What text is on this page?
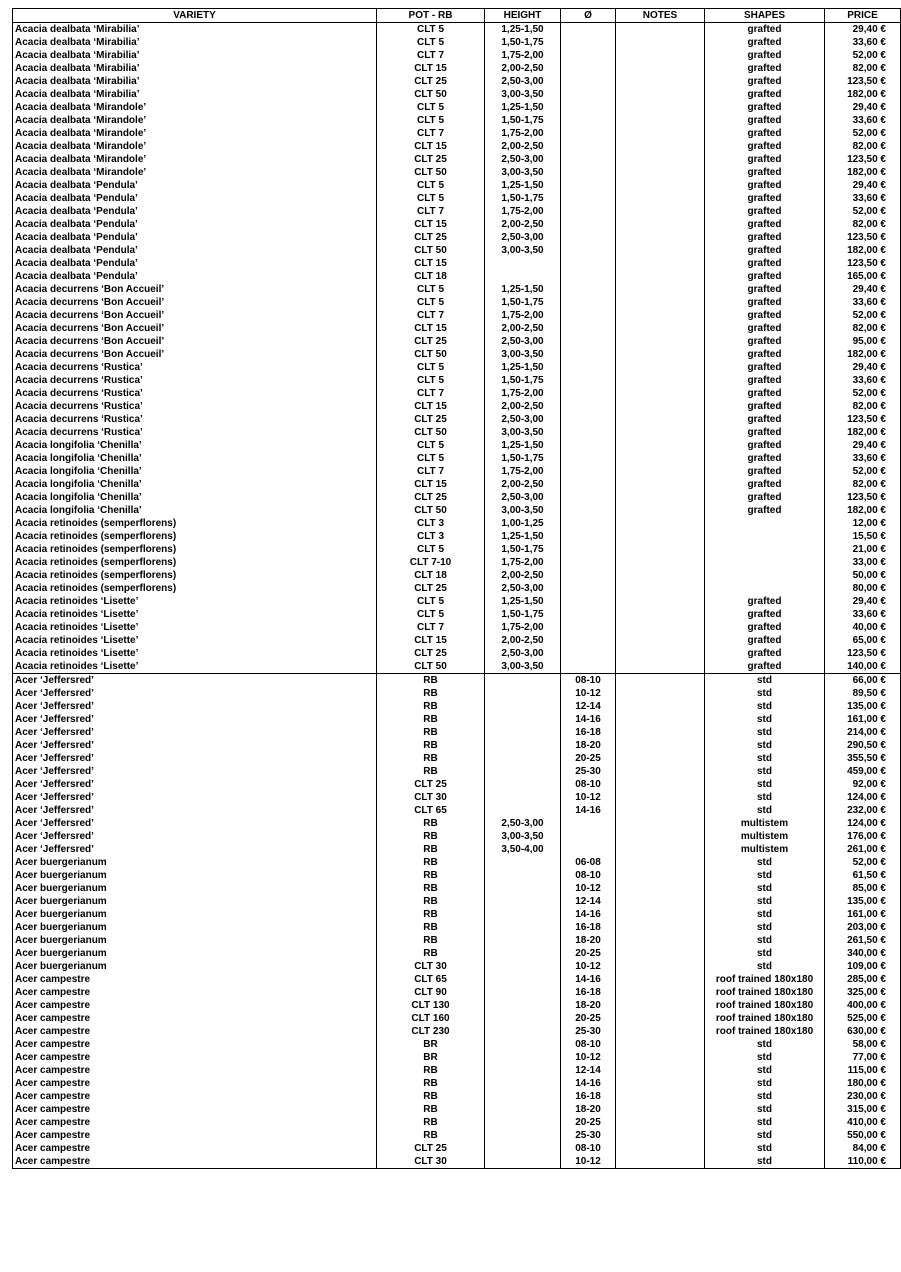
VARIETY	POT - RB	HEIGHT	Ø	NOTES	SHAPES	PRICE
Acacia dealbata ‘Mirabilia’	CLT 5	1,25-1,50			grafted	29,40 €
Acacia dealbata ‘Mirabilia’	CLT 5	1,50-1,75			grafted	33,60 €
Acacia dealbata ‘Mirabilia’	CLT 7	1,75-2,00			grafted	52,00 €
Acacia dealbata ‘Mirabilia’	CLT 15	2,00-2,50			grafted	82,00 €
Acacia dealbata ‘Mirabilia’	CLT 25	2,50-3,00			grafted	123,50 €
Acacia dealbata ‘Mirabilia’	CLT 50	3,00-3,50			grafted	182,00 €
Acacia dealbata ‘Mirandole’	CLT 5	1,25-1,50			grafted	29,40 €
Acacia dealbata ‘Mirandole’	CLT 5	1,50-1,75			grafted	33,60 €
Acacia dealbata ‘Mirandole’	CLT 7	1,75-2,00			grafted	52,00 €
Acacia dealbata ‘Mirandole’	CLT 15	2,00-2,50			grafted	82,00 €
Acacia dealbata ‘Mirandole’	CLT 25	2,50-3,00			grafted	123,50 €
Acacia dealbata ‘Mirandole’	CLT 50	3,00-3,50			grafted	182,00 €
Acacia dealbata ‘Pendula’	CLT 5	1,25-1,50			grafted	29,40 €
Acacia dealbata ‘Pendula’	CLT 5	1,50-1,75			grafted	33,60 €
Acacia dealbata ‘Pendula’	CLT 7	1,75-2,00			grafted	52,00 €
Acacia dealbata ‘Pendula’	CLT 15	2,00-2,50			grafted	82,00 €
Acacia dealbata ‘Pendula’	CLT 25	2,50-3,00			grafted	123,50 €
Acacia dealbata ‘Pendula’	CLT 50	3,00-3,50			grafted	182,00 €
Acacia dealbata ‘Pendula’	CLT 15				grafted	123,50 €
Acacia dealbata ‘Pendula’	CLT 18				grafted	165,00 €
Acacia decurrens ‘Bon Accueil’	CLT 5	1,25-1,50			grafted	29,40 €
Acacia decurrens ‘Bon Accueil’	CLT 5	1,50-1,75			grafted	33,60 €
Acacia decurrens ‘Bon Accueil’	CLT 7	1,75-2,00			grafted	52,00 €
Acacia decurrens ‘Bon Accueil’	CLT 15	2,00-2,50			grafted	82,00 €
Acacia decurrens ‘Bon Accueil’	CLT 25	2,50-3,00			grafted	95,00 €
Acacia decurrens ‘Bon Accueil’	CLT 50	3,00-3,50			grafted	182,00 €
Acacia decurrens ‘Rustica’	CLT 5	1,25-1,50			grafted	29,40 €
Acacia decurrens ‘Rustica’	CLT 5	1,50-1,75			grafted	33,60 €
Acacia decurrens ‘Rustica’	CLT 7	1,75-2,00			grafted	52,00 €
Acacia decurrens ‘Rustica’	CLT 15	2,00-2,50			grafted	82,00 €
Acacia decurrens ‘Rustica’	CLT 25	2,50-3,00			grafted	123,50 €
Acacia decurrens ‘Rustica’	CLT 50	3,00-3,50			grafted	182,00 €
Acacia longifolia ‘Chenilla’	CLT 5	1,25-1,50			grafted	29,40 €
Acacia longifolia ‘Chenilla’	CLT 5	1,50-1,75			grafted	33,60 €
Acacia longifolia ‘Chenilla’	CLT 7	1,75-2,00			grafted	52,00 €
Acacia longifolia ‘Chenilla’	CLT 15	2,00-2,50			grafted	82,00 €
Acacia longifolia ‘Chenilla’	CLT 25	2,50-3,00			grafted	123,50 €
Acacia longifolia ‘Chenilla’	CLT 50	3,00-3,50			grafted	182,00 €
Acacia retinoides (semperflorens)	CLT 3	1,00-1,25				12,00 €
Acacia retinoides (semperflorens)	CLT 3	1,25-1,50				15,50 €
Acacia retinoides (semperflorens)	CLT 5	1,50-1,75				21,00 €
Acacia retinoides (semperflorens)	CLT 7-10	1,75-2,00				33,00 €
Acacia retinoides (semperflorens)	CLT 18	2,00-2,50				50,00 €
Acacia retinoides (semperflorens)	CLT 25	2,50-3,00				80,00 €
Acacia retinoides ‘Lisette’	CLT 5	1,25-1,50			grafted	29,40 €
Acacia retinoides ‘Lisette’	CLT 5	1,50-1,75			grafted	33,60 €
Acacia retinoides ‘Lisette’	CLT 7	1,75-2,00			grafted	40,00 €
Acacia retinoides ‘Lisette’	CLT 15	2,00-2,50			grafted	65,00 €
Acacia retinoides ‘Lisette’	CLT 25	2,50-3,00			grafted	123,50 €
Acacia retinoides ‘Lisette’	CLT 50	3,00-3,50			grafted	140,00 €
Acer ‘Jeffersred’	RB		08-10		std	66,00 €
Acer ‘Jeffersred’	RB		10-12		std	89,50 €
Acer ‘Jeffersred’	RB		12-14		std	135,00 €
Acer ‘Jeffersred’	RB		14-16		std	161,00 €
Acer ‘Jeffersred’	RB		16-18		std	214,00 €
Acer ‘Jeffersred’	RB		18-20		std	290,50 €
Acer ‘Jeffersred’	RB		20-25		std	355,50 €
Acer ‘Jeffersred’	RB		25-30		std	459,00 €
Acer ‘Jeffersred’	CLT 25		08-10		std	92,00 €
Acer ‘Jeffersred’	CLT 30		10-12		std	124,00 €
Acer ‘Jeffersred’	CLT 65		14-16		std	232,00 €
Acer ‘Jeffersred’	RB	2,50-3,00			multistem	124,00 €
Acer ‘Jeffersred’	RB	3,00-3,50			multistem	176,00 €
Acer ‘Jeffersred’	RB	3,50-4,00			multistem	261,00 €
Acer buergerianum	RB		06-08		std	52,00 €
Acer buergerianum	RB		08-10		std	61,50 €
Acer buergerianum	RB		10-12		std	85,00 €
Acer buergerianum	RB		12-14		std	135,00 €
Acer buergerianum	RB		14-16		std	161,00 €
Acer buergerianum	RB		16-18		std	203,00 €
Acer buergerianum	RB		18-20		std	261,50 €
Acer buergerianum	RB		20-25		std	340,00 €
Acer buergerianum	CLT 30		10-12		std	109,00 €
Acer campestre	CLT 65		14-16		roof trained 180x180	285,00 €
Acer campestre	CLT 90		16-18		roof trained 180x180	325,00 €
Acer campestre	CLT 130		18-20		roof trained 180x180	400,00 €
Acer campestre	CLT 160		20-25		roof trained 180x180	525,00 €
Acer campestre	CLT 230		25-30		roof trained 180x180	630,00 €
Acer campestre	BR		08-10		std	58,00 €
Acer campestre	BR		10-12		std	77,00 €
Acer campestre	RB		12-14		std	115,00 €
Acer campestre	RB		14-16		std	180,00 €
Acer campestre	RB		16-18		std	230,00 €
Acer campestre	RB		18-20		std	315,00 €
Acer campestre	RB		20-25		std	410,00 €
Acer campestre	RB		25-30		std	550,00 €
Acer campestre	CLT 25		08-10		std	84,00 €
Acer campestre	CLT 30		10-12		std	110,00 €
